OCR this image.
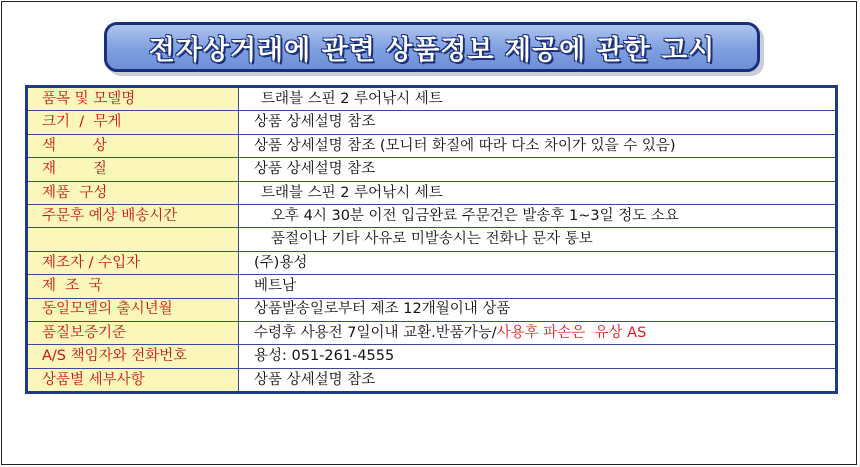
전자상거래에 관련 상품정보 제공에 관한 고시
품목 및 모델명	트래블 스핀 2 루어낚시 세트
크기  /  무게	상품 상세설명 참조
색        상	상품 상세설명 참조 (모니터 화질에 따라 다소 차이가 있을 수 있음)
재        질	상품 상세설명 참조
제품  구성	트래블 스핀 2 루어낚시 세트
주문후 예상 배송시간	오후 4시 30분 이전 입금완료 주문건은 발송후 1~3일 정도 소요
	품절이나 기타 사유로 미발송시는 전화나 문자 통보
제조자 / 수입자	(주)용성
제  조  국	베트남
동일모델의 출시년월	상품발송일로부터 제조 12개월이내 상품
품질보증기준	수령후 사용전 7일이내 교환.반품가능/사용후 파손은  유상 AS
A/S 책임자와 전화번호	용성: 051-261-4555
상품별 세부사항	상품 상세설명 참조
